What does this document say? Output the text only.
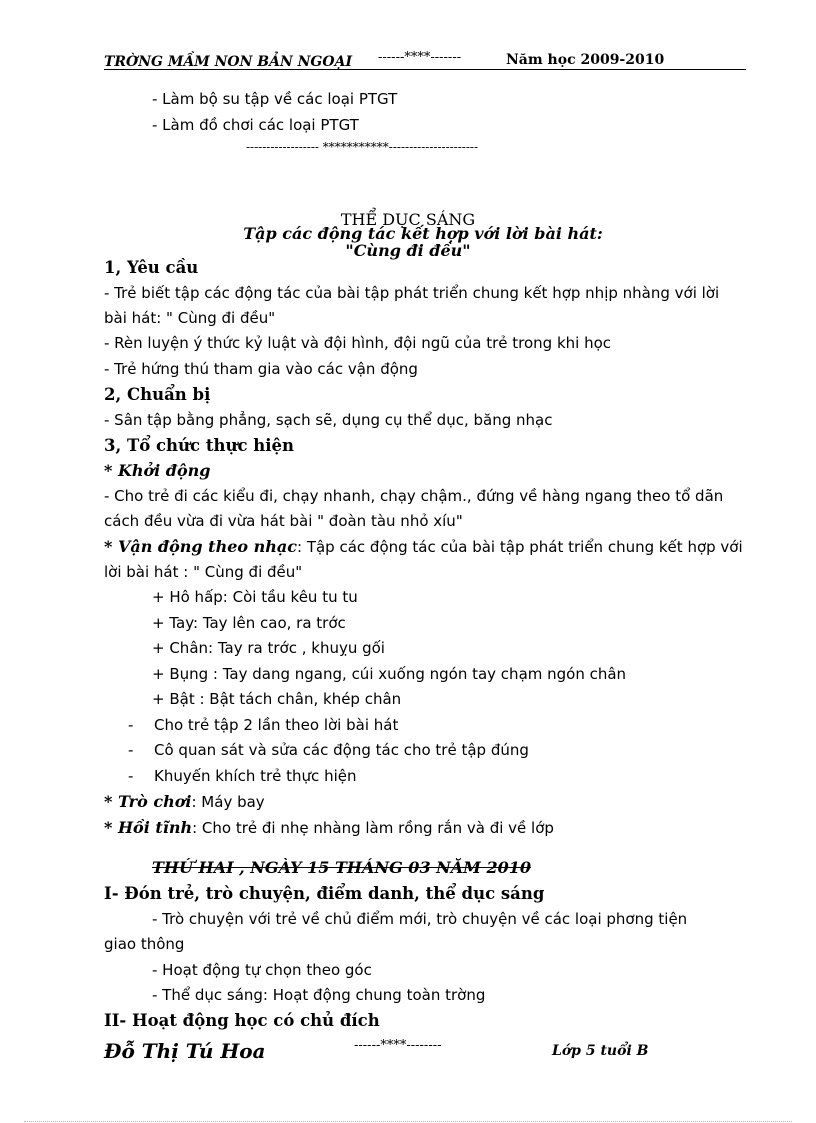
TRỜNG MẦM NON BẢN NGOẠI ------****-------	Năm học 2009-2010
- Làm bộ su tập về các loại PTGT
- Làm đồ chơi các loại PTGT
------------------ ***********----------------------
THỂ DỤC SÁNG
Tập các động tác kết hợp với lời bài hát:
"Cùng đi đều"
1, Yêu cầu
- Trẻ biết tập các động tác của bài tập phát triển chung kết hợp nhịp nhàng với lời
bài hát: " Cùng đi đều"
- Rèn luyện ý thức kỷ luật và đội hình, đội ngũ của trẻ trong khi học
- Trẻ hứng thú tham gia vào các vận động
2, Chuẩn bị
- Sân tập bằng phẳng, sạch sẽ, dụng cụ thể dục, băng nhạc
3, Tổ chức thực hiện
* Khởi động
- Cho trẻ đi các kiểu đi, chạy nhanh, chạy chậm., đứng về hàng ngang theo tổ dãn
cách đều vừa đi vừa hát bài " đoàn tàu nhỏ xíu"
* Vận động theo nhạc: Tập các động tác của bài tập phát triển chung kết hợp với
lời bài hát : " Cùng đi đều"
+ Hô hấp: Còi tầu kêu tu tu
+ Tay: Tay lên cao, ra trớc
+ Chân: Tay ra trớc , khuỵu gối
+ Bụng : Tay dang ngang, cúi xuống ngón tay chạm ngón chân
+ Bật : Bật tách chân, khép chân
- Cho trẻ tập 2 lần theo lời bài hát
- Cô quan sát và sửa các động tác cho trẻ tập đúng
- Khuyến khích trẻ thực hiện
* Trò chơi: Máy bay
* Hồi tĩnh: Cho trẻ đi nhẹ nhàng làm rồng rắn và đi về lớp
THỨ HAI , NGÀY 15 THÁNG 03 NĂM 2010
I- Đón trẻ, trò chuyện, điểm danh, thể dục sáng
- Trò chuyện với trẻ về chủ điểm mới, trò chuyện về các loại phơng tiện
giao thông
- Hoạt động tự chọn theo góc
- Thể dục sáng: Hoạt động chung toàn trờng
II- Hoạt động học có chủ đích
Đỗ Thị Tú Hoa	------****--------	Lớp 5 tuổi B
